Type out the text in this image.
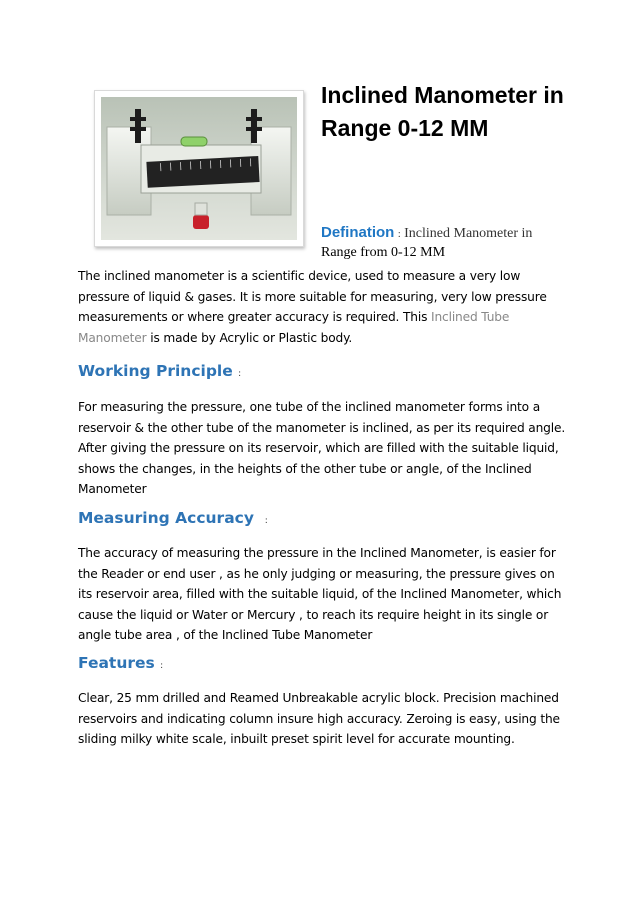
Inclined Manometer in Range 0-12 MM
Defination : Inclined Manometer in
Range from 0-12 MM

The inclined manometer is a scientific device, used to measure a very low pressure of liquid & gases. It is more suitable for measuring, very low pressure measurements or where greater accuracy is required. This Inclined Tube Manometer is made by Acrylic or Plastic body.

Working Principle :

For measuring the pressure, one tube of the inclined manometer forms into a reservoir & the other tube of the manometer is inclined, as per its required angle. After giving the pressure on its reservoir, which are filled with the suitable liquid, shows the changes, in the heights of the other tube or angle, of the Inclined Manometer

Measuring Accuracy :

The accuracy of measuring the pressure in the Inclined Manometer, is easier for the Reader or end user , as he only judging or measuring, the pressure gives on its reservoir area, filled with the suitable liquid, of the Inclined Manometer, which cause the liquid or Water or Mercury , to reach its require height in its single or angle tube area , of the Inclined Tube Manometer

Features :

Clear, 25 mm drilled and Reamed Unbreakable acrylic block. Precision machined reservoirs and indicating column insure high accuracy. Zeroing is easy, using the sliding milky white scale, inbuilt preset spirit level for accurate mounting.
